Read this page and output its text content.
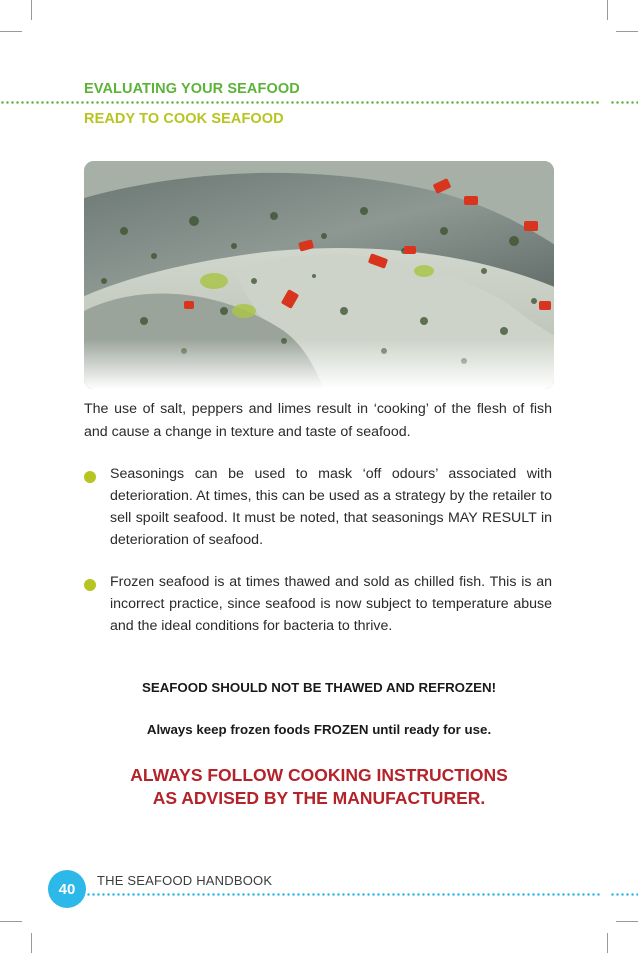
EVALUATING YOUR SEAFOOD
READY TO COOK SEAFOOD
The use of salt, peppers and limes result in ‘cooking’ of the flesh of fish and cause a change in texture and taste of seafood.
Seasonings can be used to mask ‘off odours’ associated with deterioration. At times, this can be used as a strategy by the retailer to sell spoilt seafood. It must be noted, that seasonings MAY RESULT in deterioration of seafood.
Frozen seafood is at times thawed and sold as chilled fish. This is an incorrect practice, since seafood is now subject to temperature abuse and the ideal conditions for bacteria to thrive.
SEAFOOD SHOULD NOT BE THAWED AND REFROZEN!
Always keep frozen foods FROZEN until ready for use.
ALWAYS FOLLOW COOKING INSTRUCTIONS
AS ADVISED BY THE MANUFACTURER.
40 THE SEAFOOD HANDBOOK
